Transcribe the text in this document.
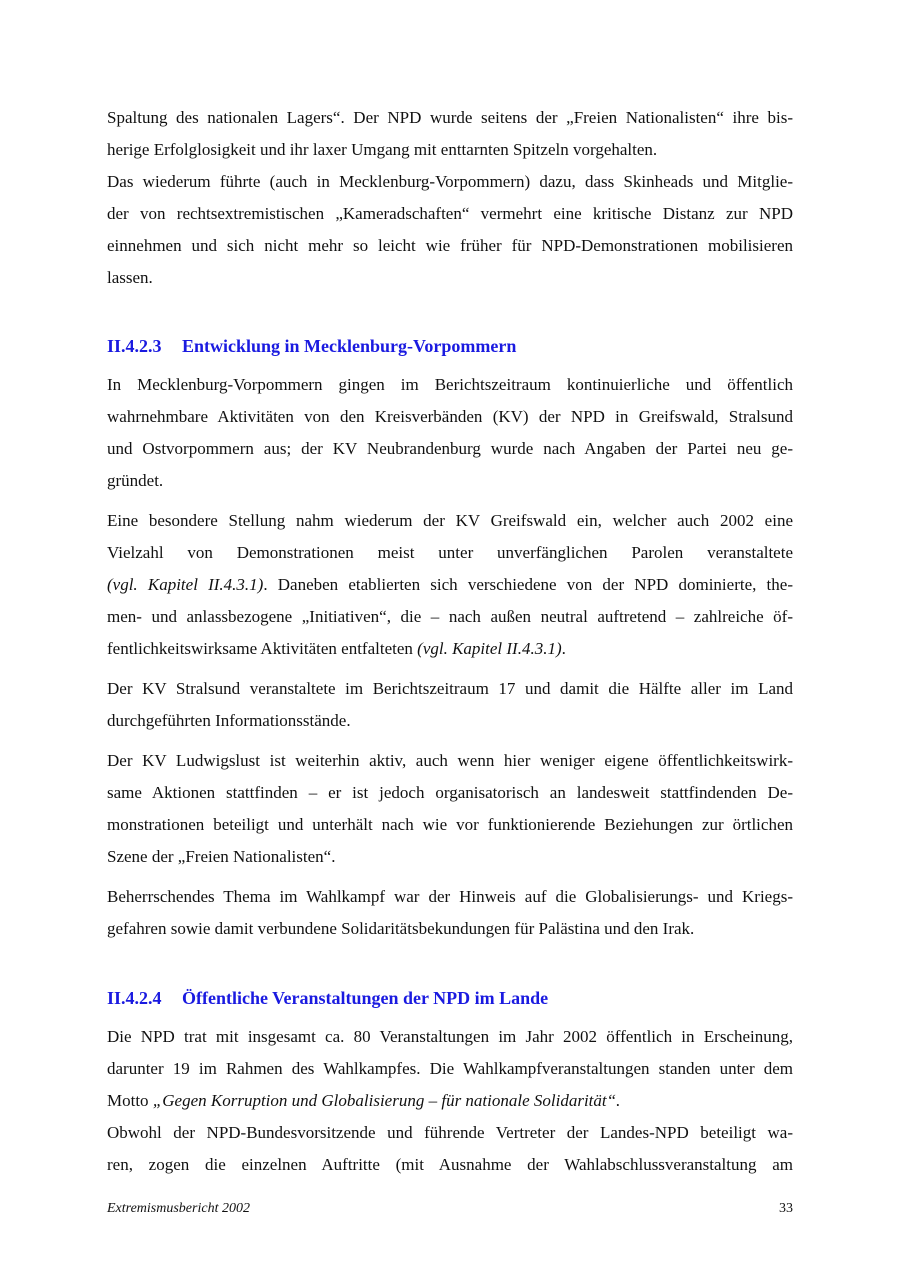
Spaltung des nationalen Lagers“. Der NPD wurde seitens der „Freien Nationalisten“ ihre bis-
herige Erfolglosigkeit und ihr laxer Umgang mit enttarnten Spitzeln vorgehalten.
Das wiederum führte (auch in Mecklenburg-Vorpommern) dazu, dass Skinheads und Mitglie-
der von rechtsextremistischen „Kameradschaften“ vermehrt eine kritische Distanz zur NPD
einnehmen und sich nicht mehr so leicht wie früher für NPD-Demonstrationen mobilisieren
lassen.
II.4.2.3 Entwicklung in Mecklenburg-Vorpommern
In Mecklenburg-Vorpommern gingen im Berichtszeitraum kontinuierliche und öffentlich
wahrnehmbare Aktivitäten von den Kreisverbänden (KV) der NPD in Greifswald, Stralsund
und Ostvorpommern aus; der KV Neubrandenburg wurde nach Angaben der Partei neu ge-
gründet.
Eine besondere Stellung nahm wiederum der KV Greifswald ein, welcher auch 2002 eine
Vielzahl von Demonstrationen meist unter unverfänglichen Parolen veranstaltete
(vgl. Kapitel II.4.3.1). Daneben etablierten sich verschiedene von der NPD dominierte, the-
men- und anlassbezogene „Initiativen“, die – nach außen neutral auftretend – zahlreiche öf-
fentlichkeitswirksame Aktivitäten entfalteten (vgl. Kapitel II.4.3.1).
Der KV Stralsund veranstaltete im Berichtszeitraum 17 und damit die Hälfte aller im Land
durchgeführten Informationsstände.
Der KV Ludwigslust ist weiterhin aktiv, auch wenn hier weniger eigene öffentlichkeitswirk-
same Aktionen stattfinden – er ist jedoch organisatorisch an landesweit stattfindenden De-
monstrationen beteiligt und unterhält nach wie vor funktionierende Beziehungen zur örtlichen
Szene der „Freien Nationalisten“.
Beherrschendes Thema im Wahlkampf war der Hinweis auf die Globalisierungs- und Kriegs-
gefahren sowie damit verbundene Solidaritätsbekundungen für Palästina und den Irak.
II.4.2.4 Öffentliche Veranstaltungen der NPD im Lande
Die NPD trat mit insgesamt ca. 80 Veranstaltungen im Jahr 2002 öffentlich in Erscheinung,
darunter 19 im Rahmen des Wahlkampfes. Die Wahlkampfveranstaltungen standen unter dem
Motto „Gegen Korruption und Globalisierung – für nationale Solidarität“.
Obwohl der NPD-Bundesvorsitzende und führende Vertreter der Landes-NPD beteiligt wa-
ren, zogen die einzelnen Auftritte (mit Ausnahme der Wahlabschlussveranstaltung am
Extremismusbericht 2002	33
